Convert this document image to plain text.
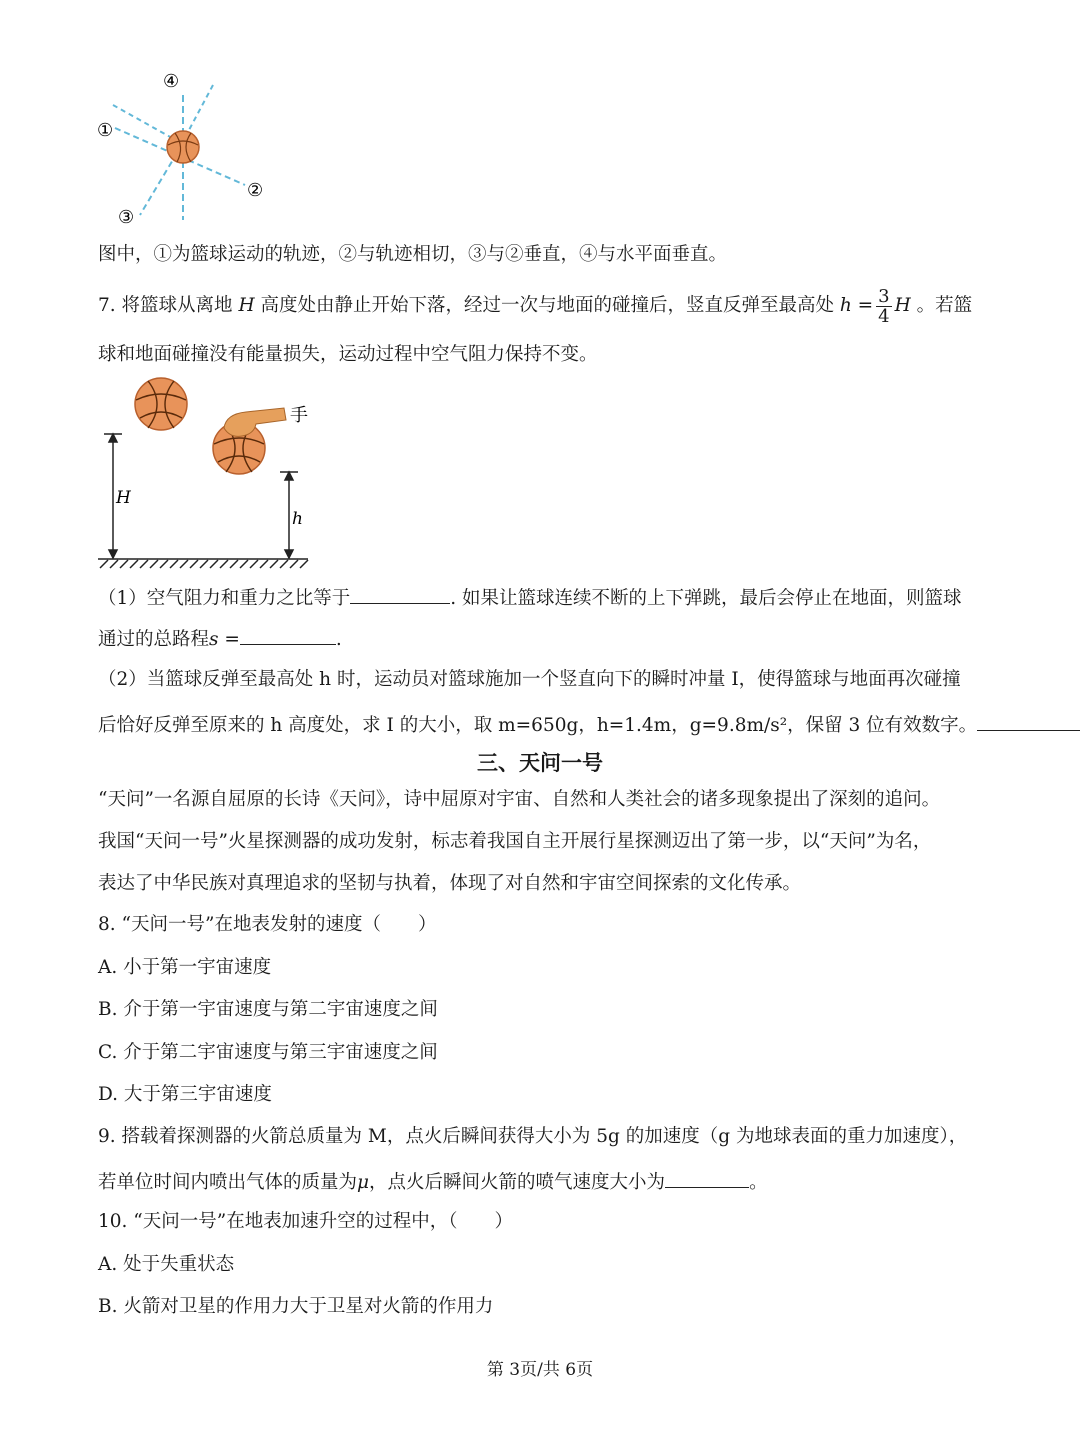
④
①
②
③
图中，①为篮球运动的轨迹，②与轨迹相切，③与②垂直，④与水平面垂直。
7. 将篮球从离地 H 高度处由静止开始下落，经过一次与地面的碰撞后，竖直反弹至最高处 $h = \frac{3}{4}$ H 。若篮
球和地面碰撞没有能量损失，运动过程中空气阻力保持不变。
手
H
h
（1）空气阻力和重力之比等于	. 如果让篮球连续不断的上下弹跳，最后会停止在地面，则篮球
通过的总路程s =	.
（2）当篮球反弹至最高处 h 时，运动员对篮球施加一个竖直向下的瞬时冲量 I，使得篮球与地面再次碰撞
后恰好反弹至原来的 h 高度处，求 I 的大小，取 m=650g，h=1.4m，g=9.8m/s²，保留 3 位有效数字。
三、天问一号
“天问”一名源自屈原的长诗《天问》，诗中屈原对宇宙、自然和人类社会的诸多现象提出了深刻的追问。
我国“天问一号”火星探测器的成功发射，标志着我国自主开展行星探测迈出了第一步，以“天问”为名，
表达了中华民族对真理追求的坚韧与执着，体现了对自然和宇宙空间探索的文化传承。
8. “天问一号”在地表发射的速度（　　）
A. 小于第一宇宙速度
B. 介于第一宇宙速度与第二宇宙速度之间
C. 介于第二宇宙速度与第三宇宙速度之间
D. 大于第三宇宙速度
9. 搭载着探测器的火箭总质量为 M，点火后瞬间获得大小为 5g 的加速度（g 为地球表面的重力加速度），
若单位时间内喷出气体的质量为μ，点火后瞬间火箭的喷气速度大小为	。
10. “天问一号”在地表加速升空的过程中，（　　）
A. 处于失重状态
B. 火箭对卫星的作用力大于卫星对火箭的作用力
第 3页/共 6页
